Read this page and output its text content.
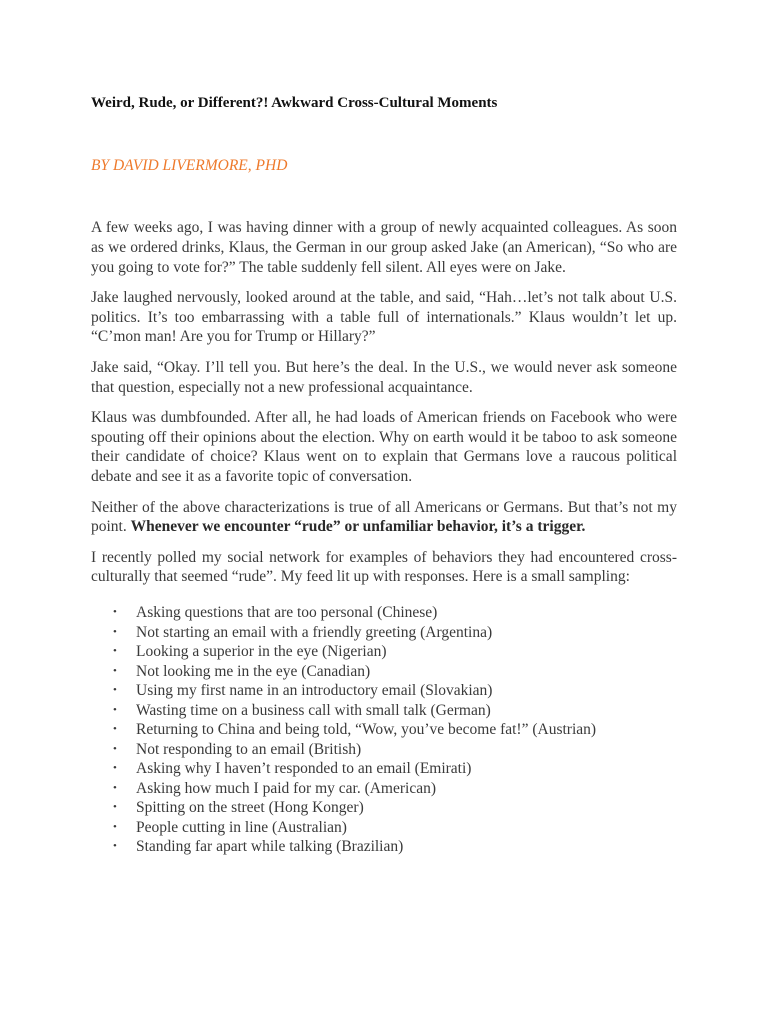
Weird, Rude, or Different?! Awkward Cross-Cultural Moments

BY DAVID LIVERMORE, PHD

A few weeks ago, I was having dinner with a group of newly acquainted colleagues. As soon as we ordered drinks, Klaus, the German in our group asked Jake (an American), “So who are you going to vote for?” The table suddenly fell silent. All eyes were on Jake.

Jake laughed nervously, looked around at the table, and said, “Hah…let’s not talk about U.S. politics. It’s too embarrassing with a table full of internationals.” Klaus wouldn’t let up. “C’mon man! Are you for Trump or Hillary?”

Jake said, “Okay. I’ll tell you. But here’s the deal. In the U.S., we would never ask someone that question, especially not a new professional acquaintance.

Klaus was dumbfounded. After all, he had loads of American friends on Facebook who were spouting off their opinions about the election. Why on earth would it be taboo to ask someone their candidate of choice? Klaus went on to explain that Germans love a raucous political debate and see it as a favorite topic of conversation.

Neither of the above characterizations is true of all Americans or Germans. But that’s not my point. Whenever we encounter “rude” or unfamiliar behavior, it’s a trigger.

I recently polled my social network for examples of behaviors they had encountered cross-culturally that seemed “rude”. My feed lit up with responses. Here is a small sampling:

• Asking questions that are too personal (Chinese)
• Not starting an email with a friendly greeting (Argentina)
• Looking a superior in the eye (Nigerian)
• Not looking me in the eye (Canadian)
• Using my first name in an introductory email (Slovakian)
• Wasting time on a business call with small talk (German)
• Returning to China and being told, “Wow, you’ve become fat!” (Austrian)
• Not responding to an email (British)
• Asking why I haven’t responded to an email (Emirati)
• Asking how much I paid for my car. (American)
• Spitting on the street (Hong Konger)
• People cutting in line (Australian)
• Standing far apart while talking (Brazilian)
